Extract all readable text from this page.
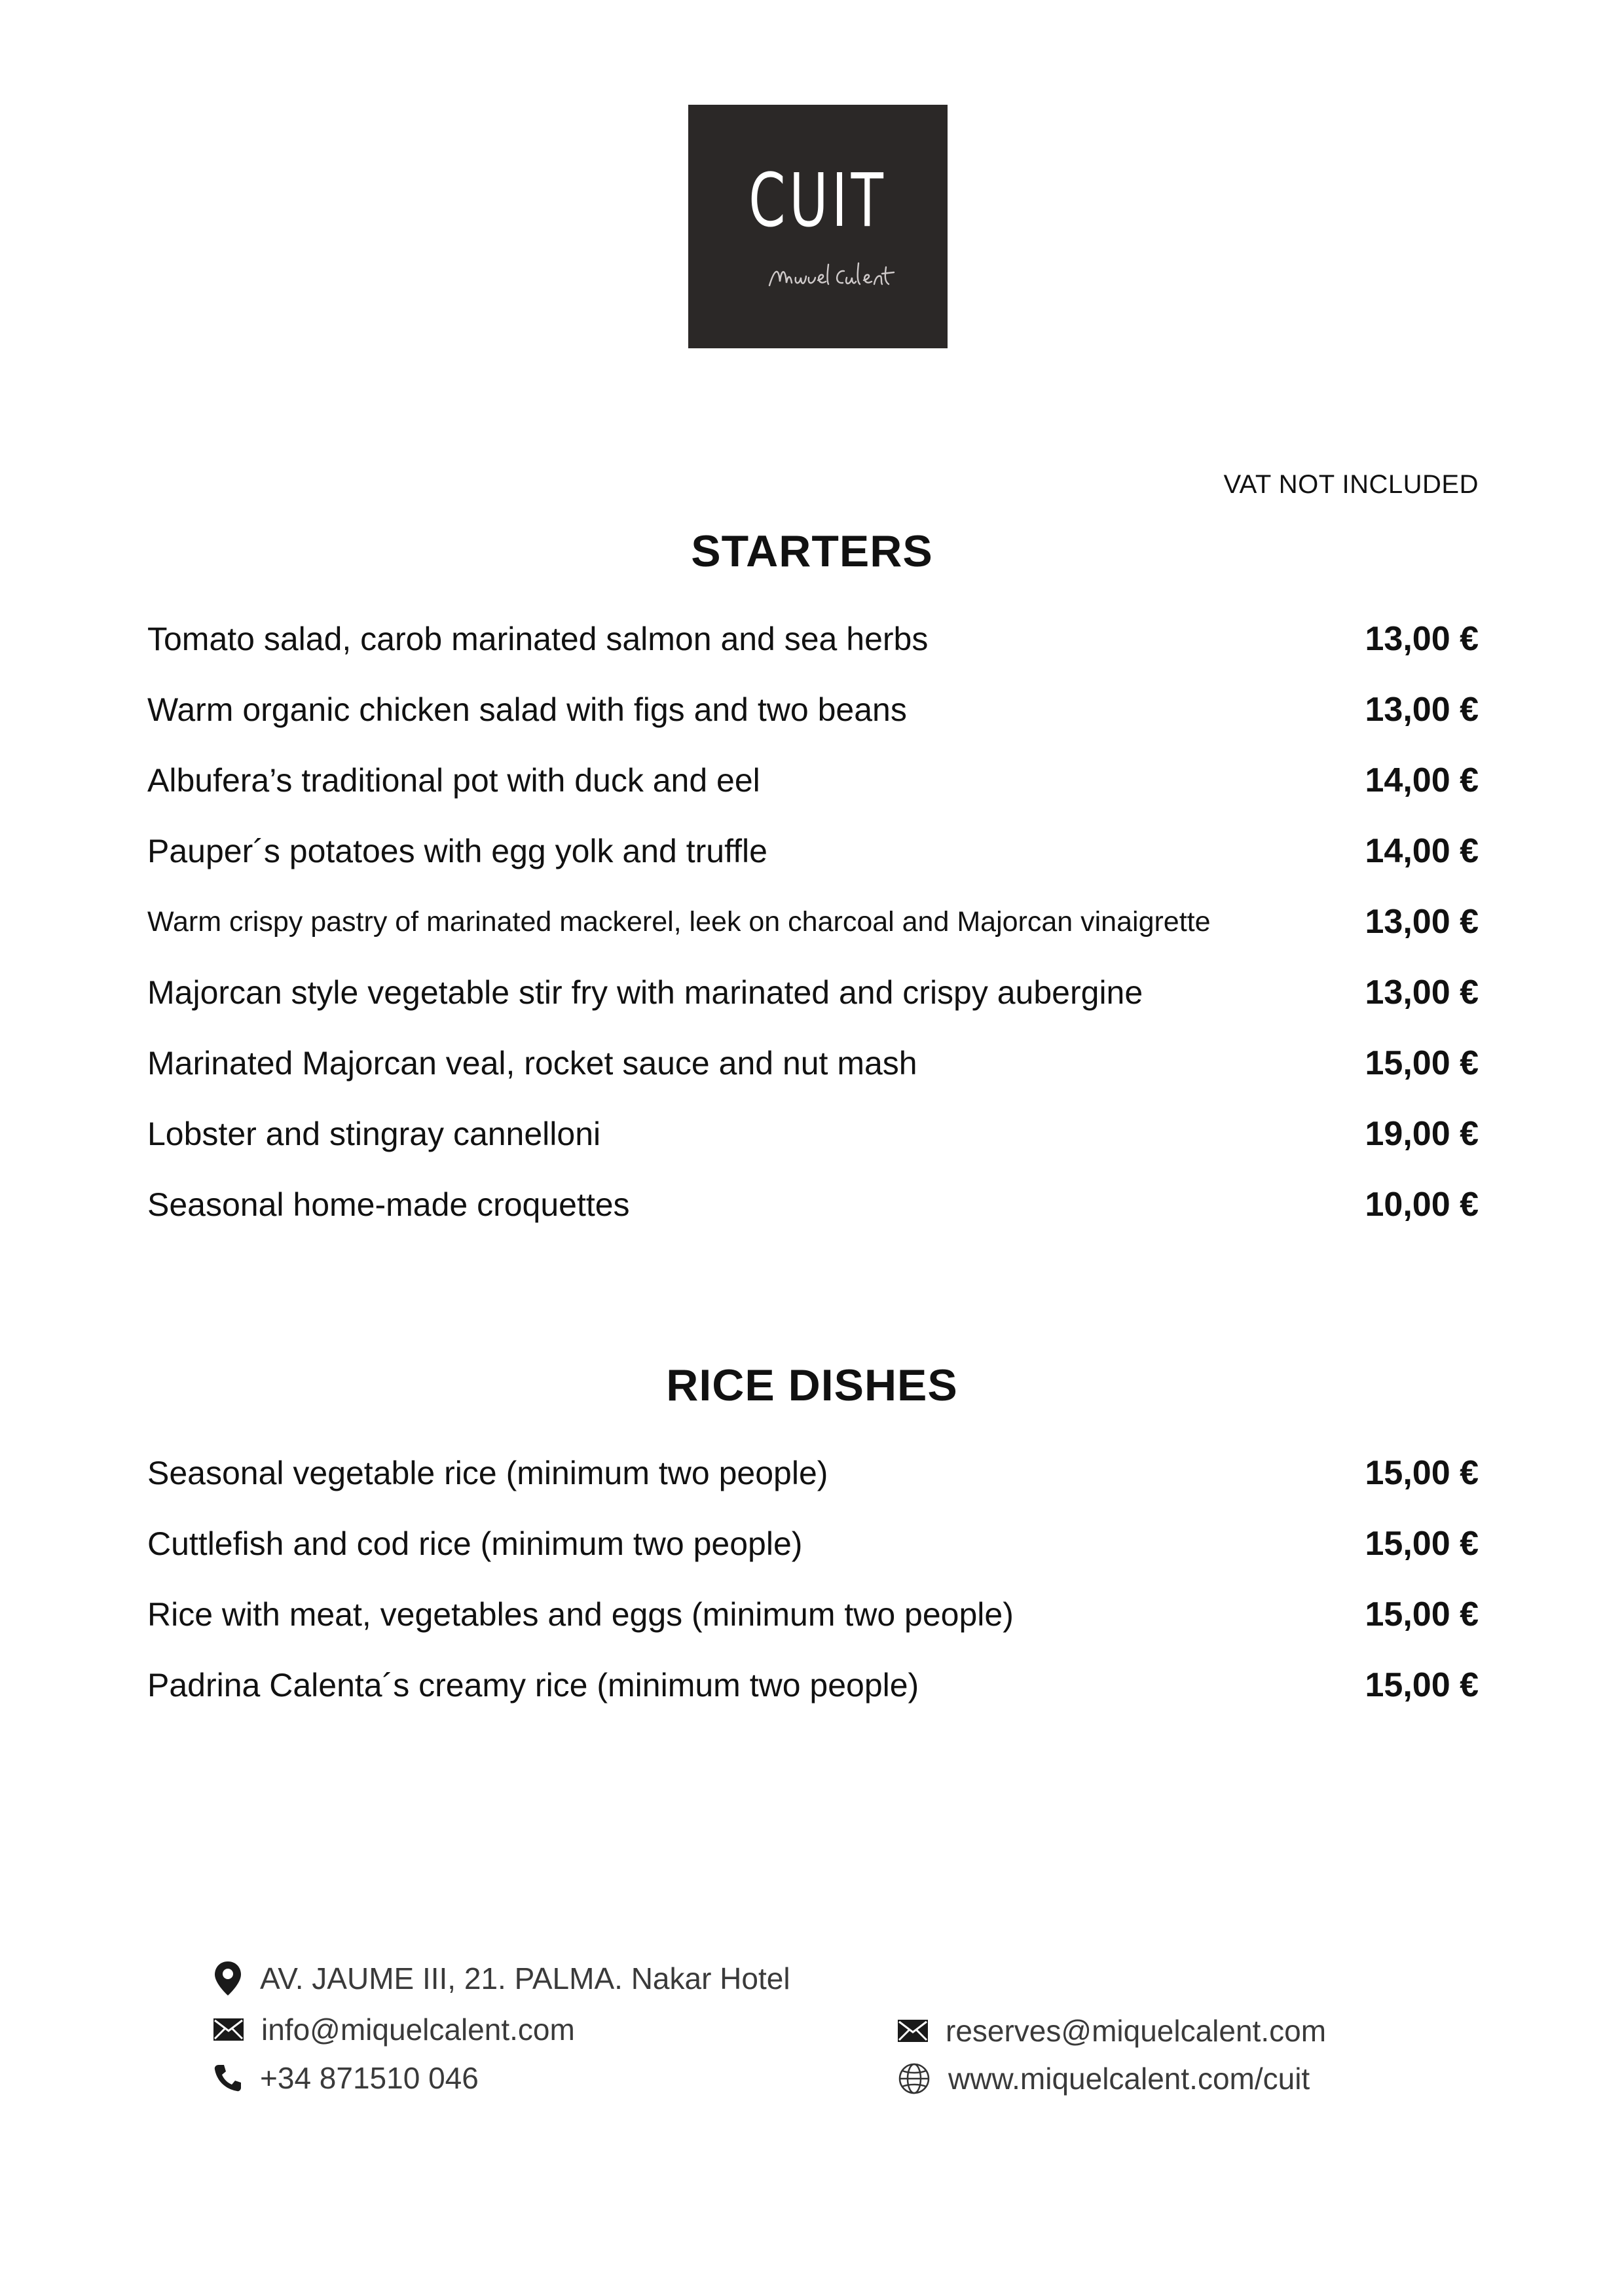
CUIT
VAT NOT INCLUDED
STARTERS
Tomato salad, carob marinated salmon and sea herbs	13,00 €
Warm organic chicken salad with figs and two beans	13,00 €
Albufera’s traditional pot with duck and eel	14,00 €
Pauper´s potatoes with egg yolk and truffle	14,00 €
Warm crispy pastry of marinated mackerel, leek on charcoal and Majorcan vinaigrette	13,00 €
Majorcan style vegetable stir fry with marinated and crispy aubergine	13,00 €
Marinated Majorcan veal, rocket sauce and nut mash	15,00 €
Lobster and stingray cannelloni	19,00 €
Seasonal home-made croquettes	10,00 €
RICE DISHES
Seasonal vegetable rice (minimum two people)	15,00 €
Cuttlefish and cod rice (minimum two people)	15,00 €
Rice with meat, vegetables and eggs (minimum two people)	15,00 €
Padrina Calenta´s creamy rice (minimum two people)	15,00 €
AV. JAUME III, 21. PALMA. Nakar Hotel
info@miquelcalent.com
+34 871510 046
reserves@miquelcalent.com
www.miquelcalent.com/cuit
